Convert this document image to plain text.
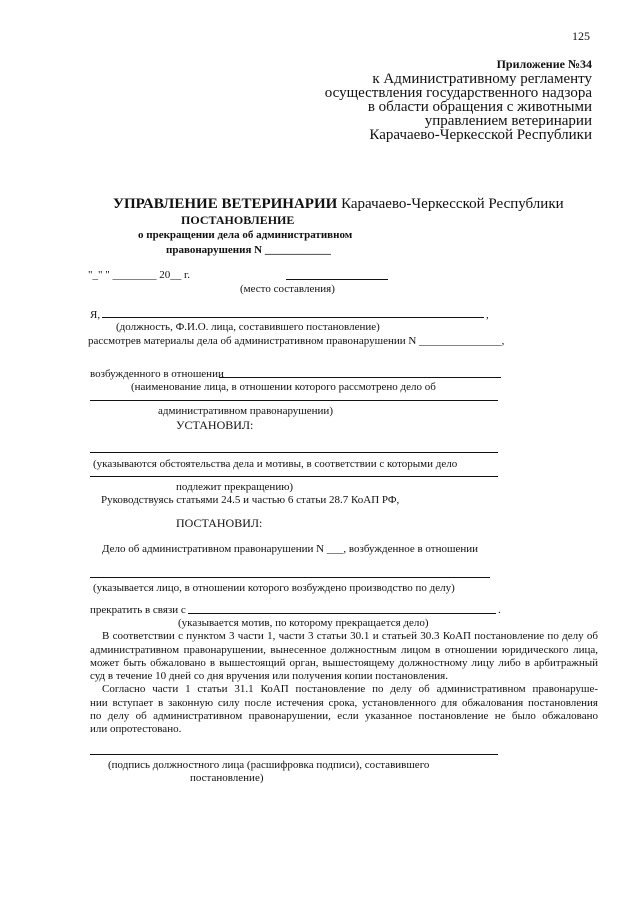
125
Приложение №34
к Административному регламенту
осуществления государственного надзора
в области обращения с животными
управлением ветеринарии
Карачаево-Черкесской Республики
УПРАВЛЕНИЕ ВЕТЕРИНАРИИ Карачаево-Черкесской Республики
ПОСТАНОВЛЕНИЕ
о прекращении дела об административном
правонарушения N ____________
"_" " ________ 20__ г.
(место составления)
Я,	,
(должность, Ф.И.О. лица, составившего постановление)
рассмотрев материалы дела об административном правонарушении N _______________,
возбужденного в отношении
(наименование лица, в отношении которого рассмотрено дело об
административном правонарушении)
УСТАНОВИЛ:
(указываются обстоятельства дела и мотивы, в соответствии с которыми дело
подлежит прекращению)
Руководствуясь статьями 24.5 и частью 6 статьи 28.7 КоАП РФ,
ПОСТАНОВИЛ:
Дело об административном правонарушении N ___, возбужденное в отношении
(указывается лицо, в отношении которого возбуждено производство по делу)
прекратить в связи с	.
(указывается мотив, по которому прекращается дело)
В соответствии с пунктом 3 части 1, части 3 статьи 30.1 и статьей 30.3 КоАП постановление по делу об
административном правонарушении, вынесенное должностным лицом в отношении юридического лица,
может быть обжаловано в вышестоящий орган, вышестоящему должностному лицу либо в арбитражный
суд в течение 10 дней со дня вручения или получения копии постановления.
Согласно части 1 статьи 31.1 КоАП постановление по делу об административном правонаруше-
нии вступает в законную силу после истечения срока, установленного для обжалования постановления
по делу об административном правонарушении, если указанное постановление не было обжаловано
или опротестовано.
(подпись должностного лица (расшифровка подписи), составившего
постановление)
